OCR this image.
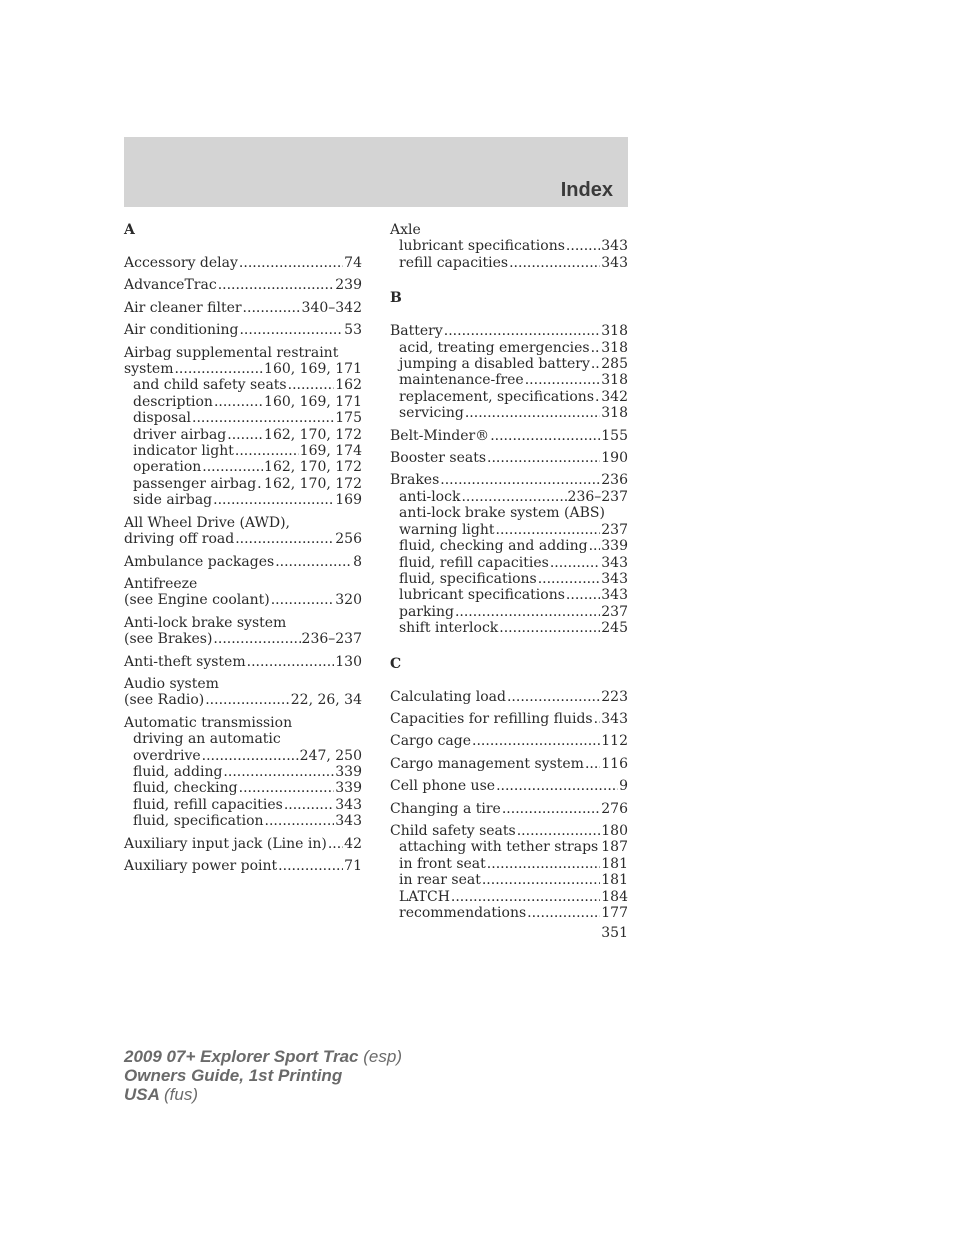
Index
A
Accessory delay .....	74
AdvanceTrac .....	239
Air cleaner filter .....	340–342
Air conditioning .....	53
Airbag supplemental restraint
system .....	160, 169, 171
and child safety seats .....	162
description .....	160, 169, 171
disposal .....	175
driver airbag .....	162, 170, 172
indicator light .....	169, 174
operation .....	162, 170, 172
passenger airbag ..... 162, 170, 172
side airbag .....	169
All Wheel Drive (AWD),
driving off road .....	256
Ambulance packages .....	8
Antifreeze
(see Engine coolant) .....	320
Anti-lock brake system
(see Brakes) .....	236–237
Anti-theft system .....	130
Audio system
(see Radio) .....	22, 26, 34
Automatic transmission
driving an automatic
overdrive .....	247, 250
fluid, adding .....	339
fluid, checking .....	339
fluid, refill capacities .....	343
fluid, specification .....	343
Auxiliary input jack (Line in) ..... 42
Auxiliary power point .....	71
Axle
lubricant specifications .....	343
refill capacities .....	343
B
Battery .....	318
acid, treating emergencies ..... 318
jumping a disabled battery ..... 285
maintenance-free .....	318
replacement, specifications ..... 342
servicing .....	318
Belt-Minder® .....	155
Booster seats .....	190
Brakes .....	236
anti-lock .....	236–237
anti-lock brake system (ABS)
warning light .....	237
fluid, checking and adding ..... 339
fluid, refill capacities .....	343
fluid, specifications .....	343
lubricant specifications .....	343
parking .....	237
shift interlock .....	245
C
Calculating load .....	223
Capacities for refilling fluids ..... 343
Cargo cage .....	112
Cargo management system ..... 116
Cell phone use .....	9
Changing a tire .....	276
Child safety seats .....	180
attaching with tether straps ..... 187
in front seat .....	181
in rear seat .....	181
LATCH .....	184
recommendations .....	177
351
2009 07+ Explorer Sport Trac (esp)
Owners Guide, 1st Printing
USA (fus)
